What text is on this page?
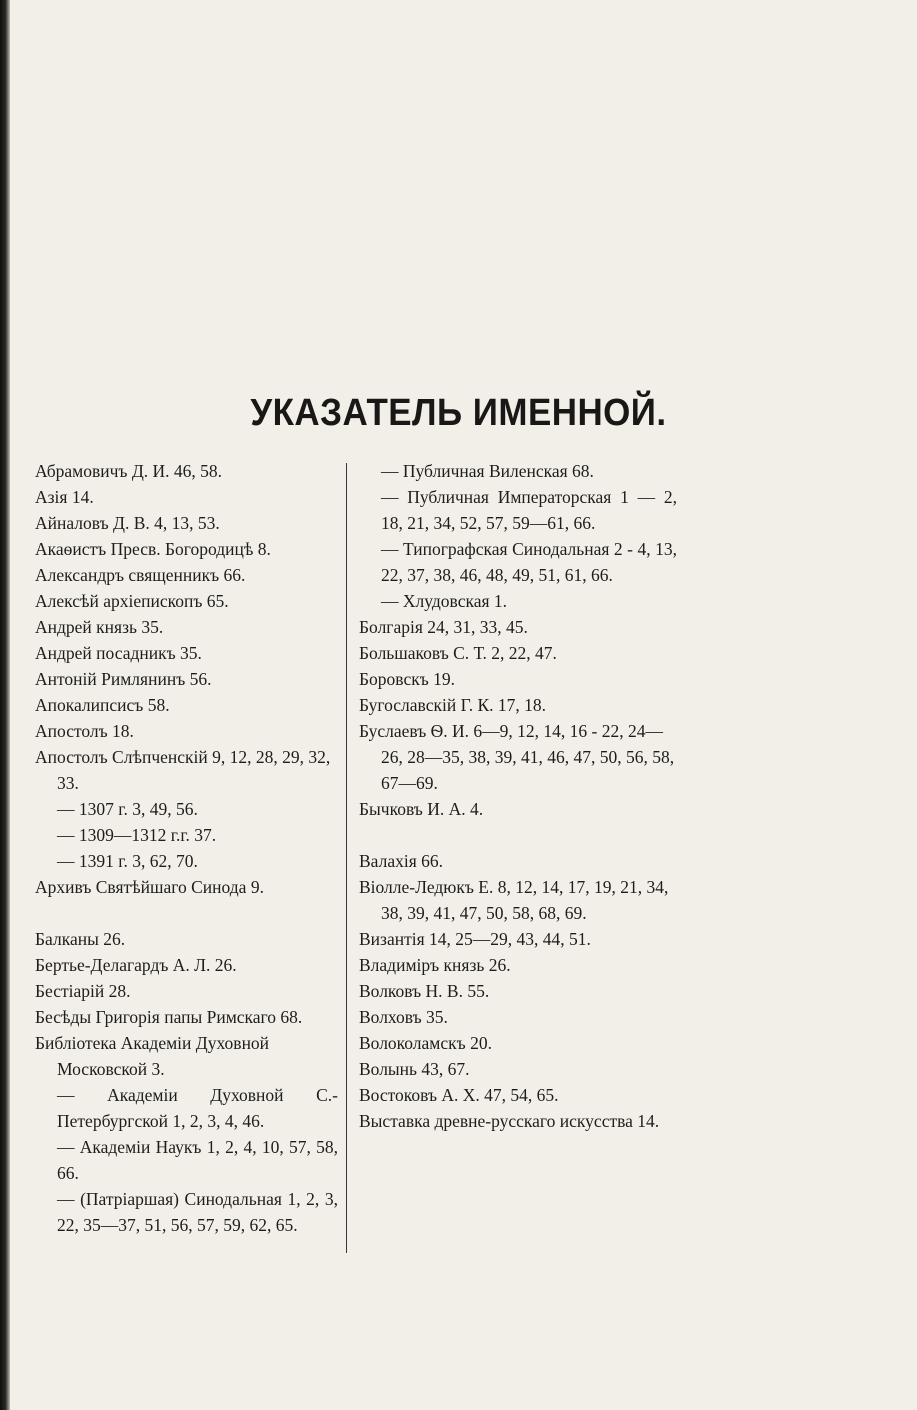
УКАЗАТЕЛЬ ИМЕННОЙ.

Абрамовичъ Д. И. 46, 58.

Азія 14.

Айналовъ Д. В. 4, 13, 53.

Акаѳистъ Пресв. Богородицѣ 8.

Александръ священникъ 66.

Алексѣй архіепископъ 65.

Андрей князь 35.

Андрей посадникъ 35.

Антоній Римлянинъ 56.

Апокалипсисъ 58.

Апостолъ 18.

Апостолъ Слѣпченскій 9, 12, 28, 29, 32, 33.

— 1307 г. 3, 49, 56.

— 1309—1312 г.г. 37.

— 1391 г. 3, 62, 70.

Архивъ Святѣйшаго Синода 9.

Балканы 26.

Бертье-Делагардъ А. Л. 26.

Бестіарій 28.

Бесѣды Григорія папы Римскаго 68.

Библіотека Академіи Духовной Московской 3.

— Академіи Духовной С.-Петербургской 1, 2, 3, 4, 46.

— Академіи Наукъ 1, 2, 4, 10, 57, 58, 66.

— (Патріаршая) Синодальная 1, 2, 3, 22, 35—37, 51, 56, 57, 59, 62, 65.

— Публичная Виленская 68.

— Публичная Императорская 1 — 2, 18, 21, 34, 52, 57, 59—61, 66.

— Типографская Синодальная 2 - 4, 13, 22, 37, 38, 46, 48, 49, 51, 61, 66.

— Хлудовская 1.

Болгарія 24, 31, 33, 45.

Большаковъ С. Т. 2, 22, 47.

Боровскъ 19.

Бугославскій Г. К. 17, 18.

Буслаевъ Ѳ. И. 6—9, 12, 14, 16 - 22, 24—26, 28—35, 38, 39, 41, 46, 47, 50, 56, 58, 67—69.

Бычковъ И. А. 4.

Валахія 66.

Віолле-Ледюкъ Е. 8, 12, 14, 17, 19, 21, 34, 38, 39, 41, 47, 50, 58, 68, 69.

Византія 14, 25—29, 43, 44, 51.

Владиміръ князь 26.

Волковъ Н. В. 55.

Волховъ 35.

Волоколамскъ 20.

Волынь 43, 67.

Востоковъ А. Х. 47, 54, 65.

Выставка древне-русскаго искусства 14.
